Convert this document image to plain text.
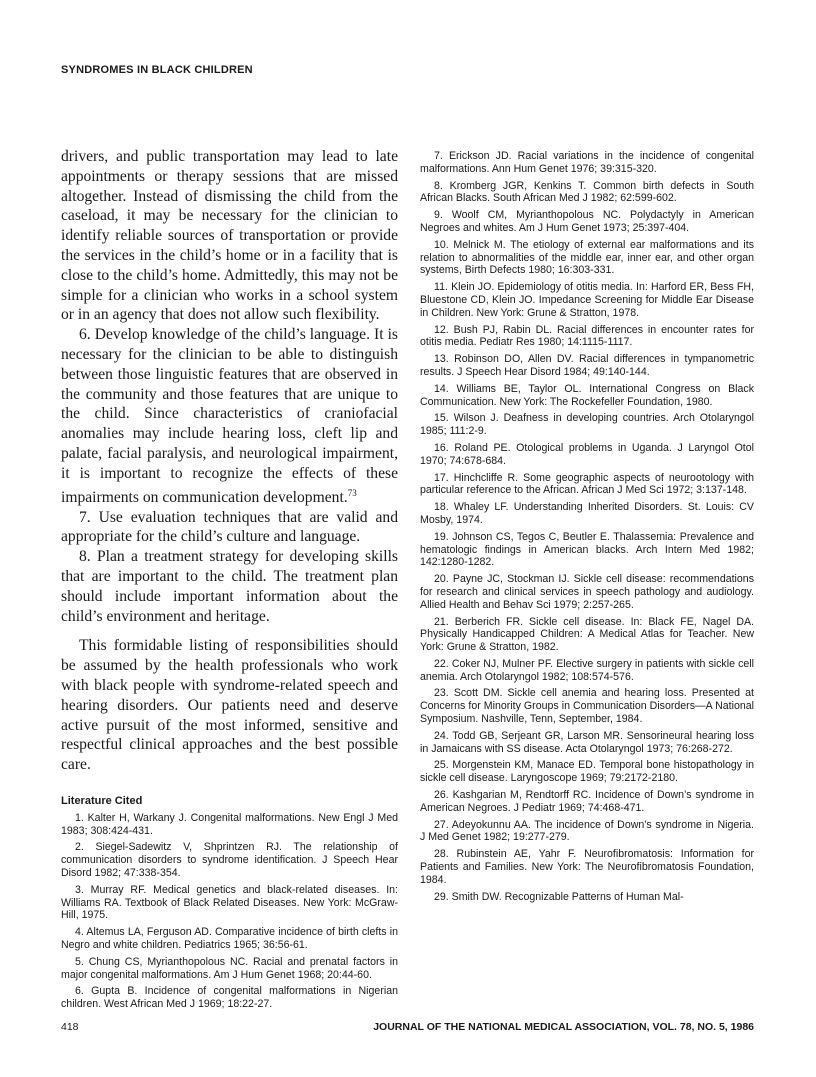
SYNDROMES IN BLACK CHILDREN

drivers, and public transportation may lead to late appointments or therapy sessions that are missed altogether. Instead of dismissing the child from the caseload, it may be necessary for the clinician to identify reliable sources of transportation or provide the services in the child’s home or in a facility that is close to the child’s home. Admittedly, this may not be simple for a clinician who works in a school system or in an agency that does not allow such flexibility.

6. Develop knowledge of the child’s language. It is necessary for the clinician to be able to distinguish between those linguistic features that are observed in the community and those features that are unique to the child. Since characteristics of craniofacial anomalies may include hearing loss, cleft lip and palate, facial paralysis, and neurological impairment, it is important to recognize the effects of these impairments on communication development.$^{73}$

7. Use evaluation techniques that are valid and appropriate for the child’s culture and language.

8. Plan a treatment strategy for developing skills that are important to the child. The treatment plan should include important information about the child’s environment and heritage.

This formidable listing of responsibilities should be assumed by the health professionals who work with black people with syndrome-related speech and hearing disorders. Our patients need and deserve active pursuit of the most informed, sensitive and respectful clinical approaches and the best possible care.

Literature Cited

1. Kalter H, Warkany J. Congenital malformations. New Engl J Med 1983; 308:424-431.

2. Siegel-Sadewitz V, Shprintzen RJ. The relationship of communication disorders to syndrome identification. J Speech Hear Disord 1982; 47:338-354.

3. Murray RF. Medical genetics and black-related diseases. In: Williams RA. Textbook of Black Related Diseases. New York: McGraw-Hill, 1975.

4. Altemus LA, Ferguson AD. Comparative incidence of birth clefts in Negro and white children. Pediatrics 1965; 36:56-61.

5. Chung CS, Myrianthopolous NC. Racial and prenatal factors in major congenital malformations. Am J Hum Genet 1968; 20:44-60.

6. Gupta B. Incidence of congenital malformations in Nigerian children. West African Med J 1969; 18:22-27.

7. Erickson JD. Racial variations in the incidence of congenital malformations. Ann Hum Genet 1976; 39:315-320.

8. Kromberg JGR, Kenkins T. Common birth defects in South African Blacks. South African Med J 1982; 62:599-602.

9. Woolf CM, Myrianthopolous NC. Polydactyly in American Negroes and whites. Am J Hum Genet 1973; 25:397-404.

10. Melnick M. The etiology of external ear malformations and its relation to abnormalities of the middle ear, inner ear, and other organ systems, Birth Defects 1980; 16:303-331.

11. Klein JO. Epidemiology of otitis media. In: Harford ER, Bess FH, Bluestone CD, Klein JO. Impedance Screening for Middle Ear Disease in Children. New York: Grune & Stratton, 1978.

12. Bush PJ, Rabin DL. Racial differences in encounter rates for otitis media. Pediatr Res 1980; 14:1115-1117.

13. Robinson DO, Allen DV. Racial differences in tympanometric results. J Speech Hear Disord 1984; 49:140-144.

14. Williams BE, Taylor OL. International Congress on Black Communication. New York: The Rockefeller Foundation, 1980.

15. Wilson J. Deafness in developing countries. Arch Otolaryngol 1985; 111:2-9.

16. Roland PE. Otological problems in Uganda. J Laryngol Otol 1970; 74:678-684.

17. Hinchcliffe R. Some geographic aspects of neurootology with particular reference to the African. African J Med Sci 1972; 3:137-148.

18. Whaley LF. Understanding Inherited Disorders. St. Louis: CV Mosby, 1974.

19. Johnson CS, Tegos C, Beutler E. Thalassemia: Prevalence and hematologic findings in American blacks. Arch Intern Med 1982; 142:1280-1282.

20. Payne JC, Stockman IJ. Sickle cell disease: recommendations for research and clinical services in speech pathology and audiology. Allied Health and Behav Sci 1979; 2:257-265.

21. Berberich FR. Sickle cell disease. In: Black FE, Nagel DA. Physically Handicapped Children: A Medical Atlas for Teacher. New York: Grune & Stratton, 1982.

22. Coker NJ, Mulner PF. Elective surgery in patients with sickle cell anemia. Arch Otolaryngol 1982; 108:574-576.

23. Scott DM. Sickle cell anemia and hearing loss. Presented at Concerns for Minority Groups in Communication Disorders—A National Symposium. Nashville, Tenn, September, 1984.

24. Todd GB, Serjeant GR, Larson MR. Sensorineural hearing loss in Jamaicans with SS disease. Acta Otolaryngol 1973; 76:268-272.

25. Morgenstein KM, Manace ED. Temporal bone histopathology in sickle cell disease. Laryngoscope 1969; 79:2172-2180.

26. Kashgarian M, Rendtorff RC. Incidence of Down’s syndrome in American Negroes. J Pediatr 1969; 74:468-471.

27. Adeyokunnu AA. The incidence of Down’s syndrome in Nigeria. J Med Genet 1982; 19:277-279.

28. Rubinstein AE, Yahr F. Neurofibromatosis: Information for Patients and Families. New York: The Neurofibromatosis Foundation, 1984.

29. Smith DW. Recognizable Patterns of Human Mal-

418	JOURNAL OF THE NATIONAL MEDICAL ASSOCIATION, VOL. 78, NO. 5, 1986
